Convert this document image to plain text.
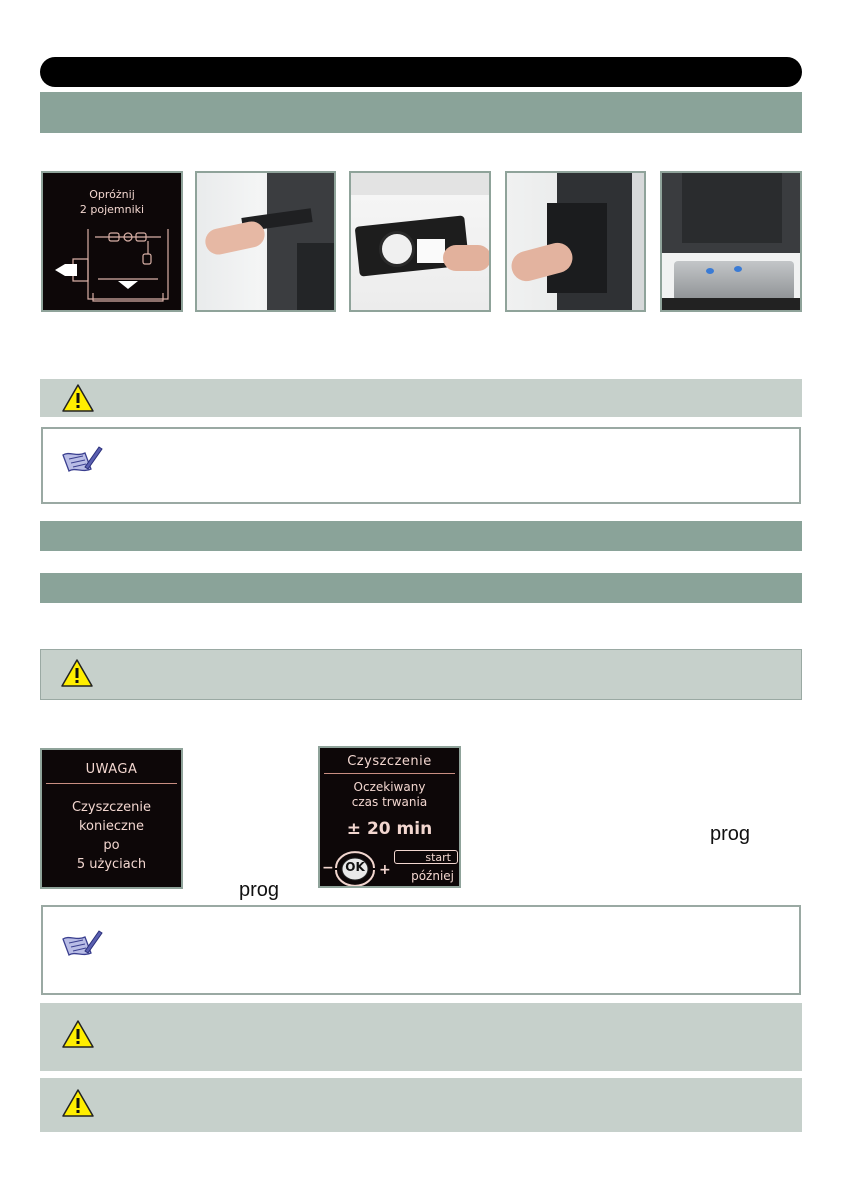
Opróżnij
2 pojemniki
UWAGA
Czyszczenie
konieczne
po
5 użyciach
prog
Czyszczenie
Oczekiwany
czas trwania
± 20 min
− OK +
start
później
prog
